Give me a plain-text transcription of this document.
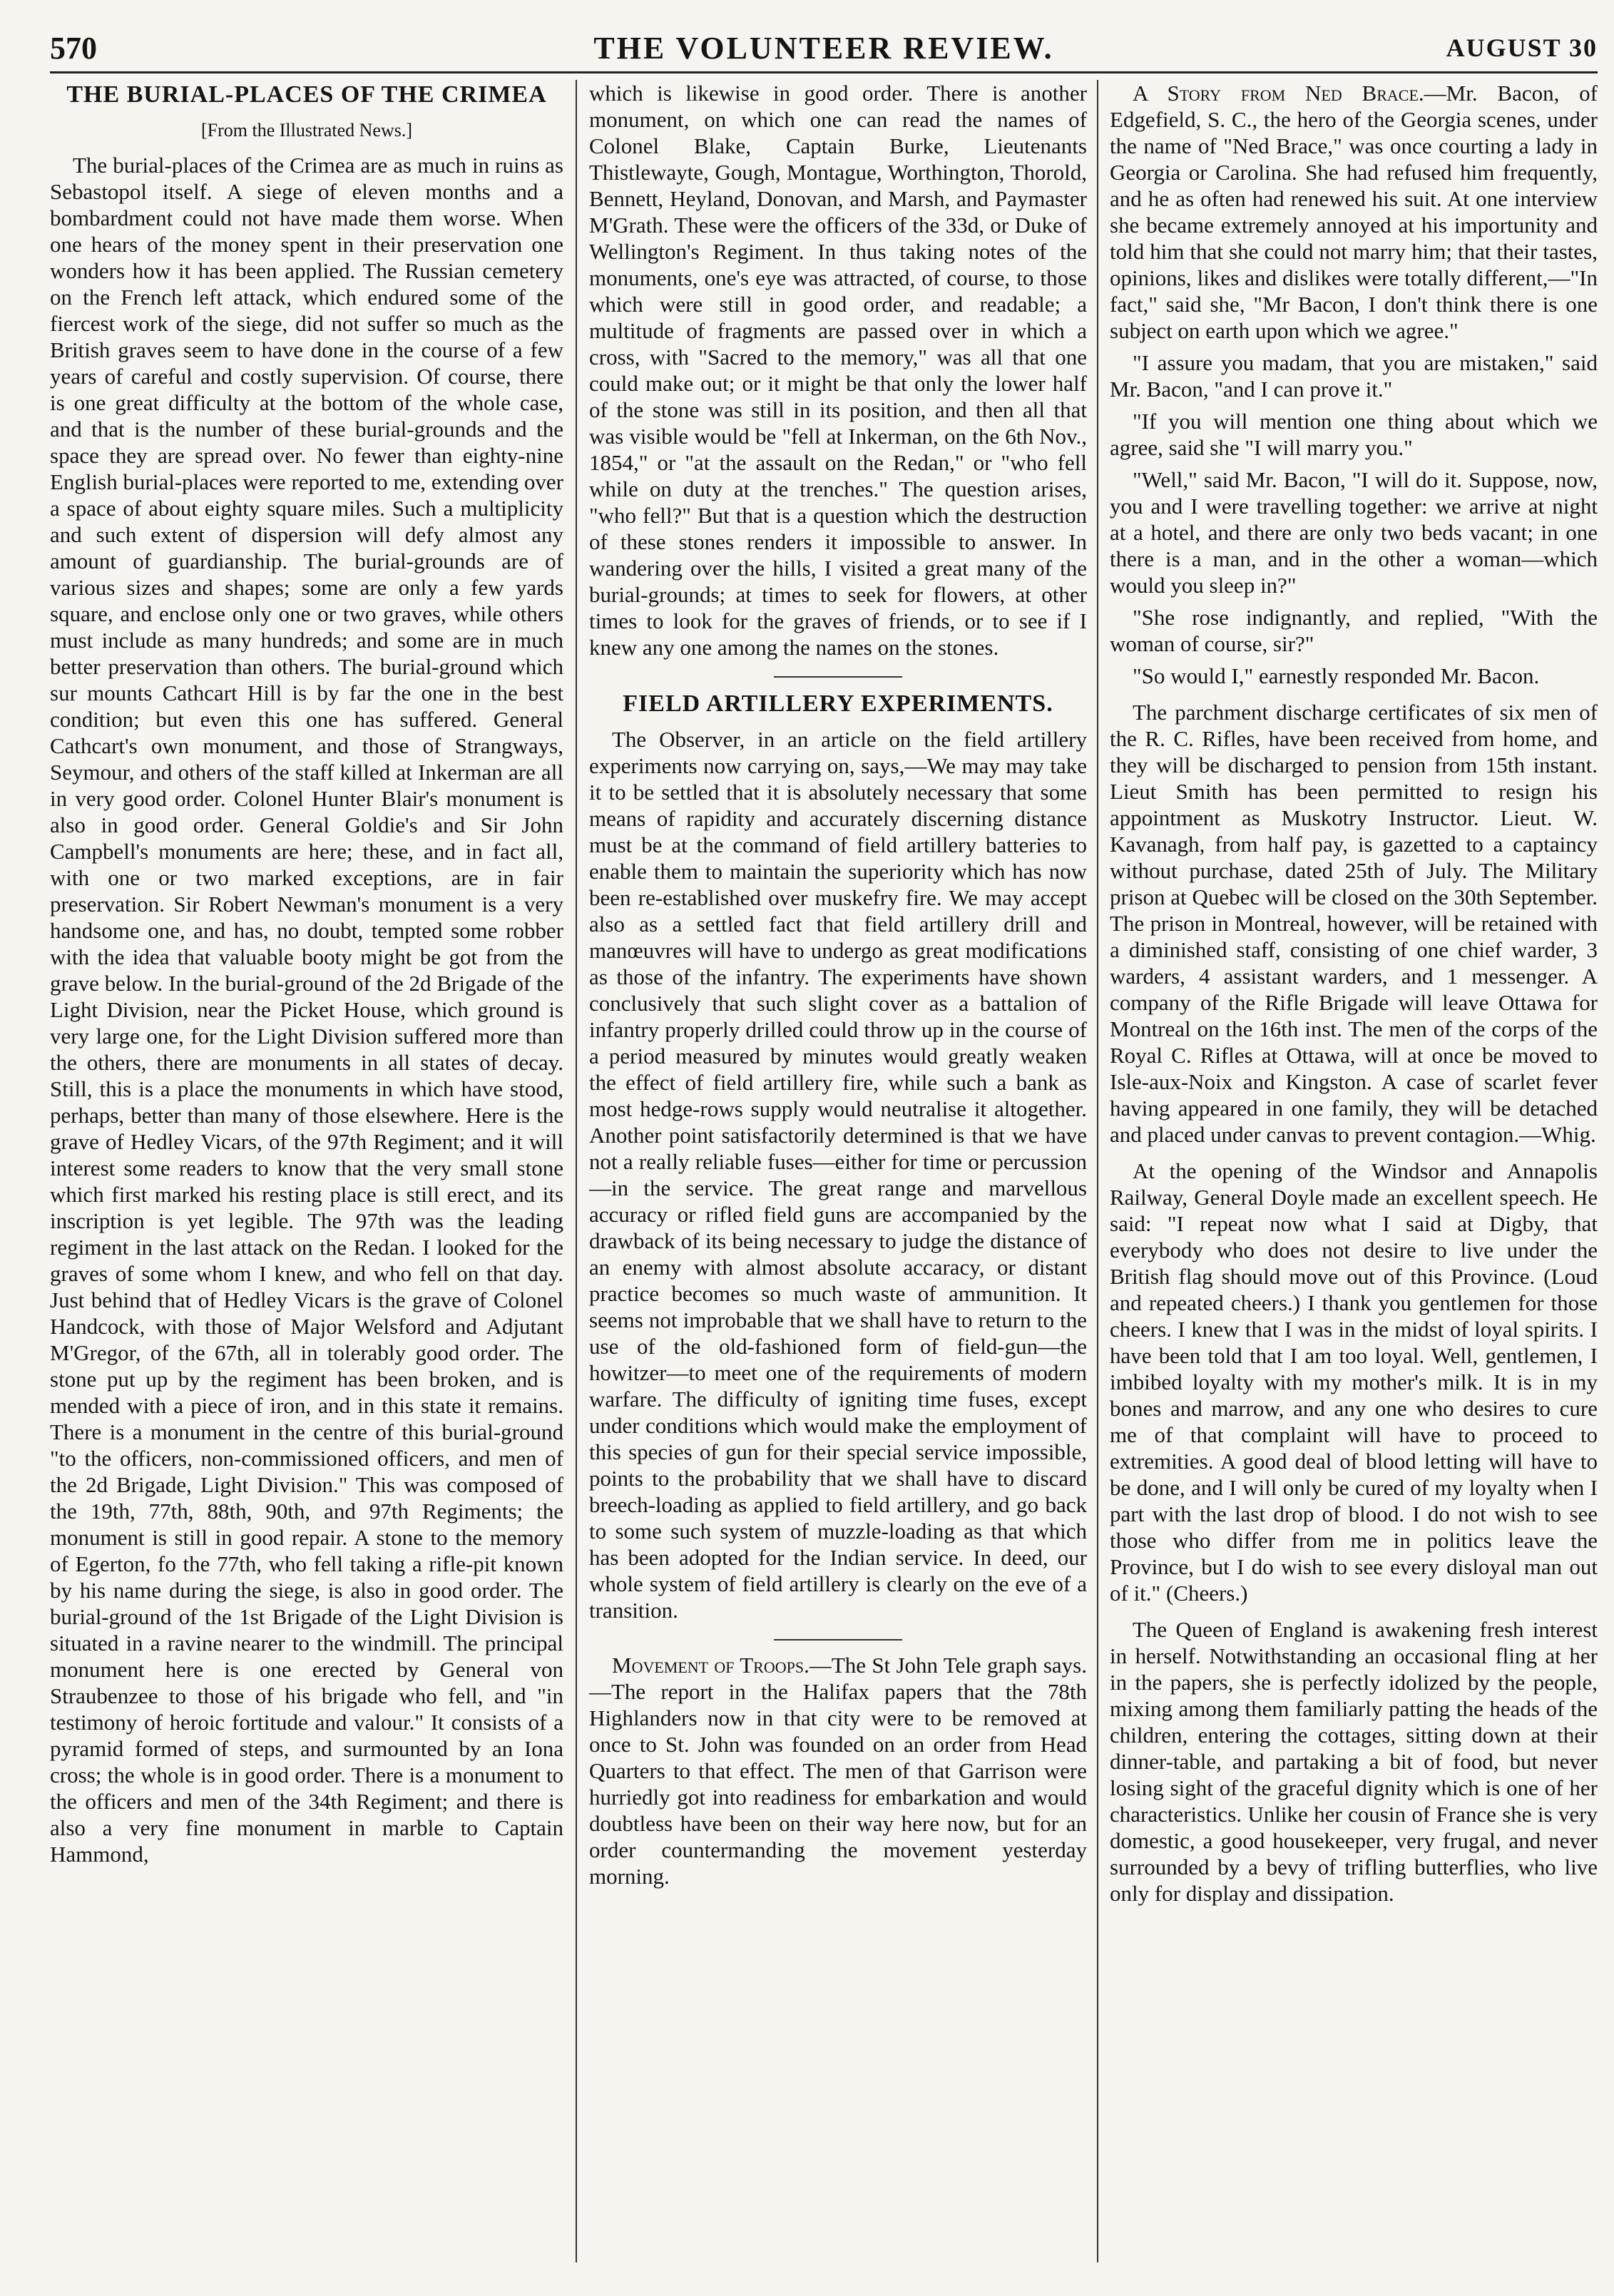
570	THE VOLUNTEER REVIEW.	AUGUST 30
THE BURIAL-PLACES OF THE CRIMEA
[From the Illustrated News.]

The burial-places of the Crimea are as much in ruins as Sebastopol itself. A siege of eleven months and a bombardment could not have made them worse. When one hears of the money spent in their preservation one wonders how it has been applied. The Russian cemetery on the French left attack, which endured some of the fiercest work of the siege, did not suffer so much as the British graves seem to have done in the course of a few years of careful and costly supervision. Of course, there is one great difficulty at the bottom of the whole case, and that is the number of these burial-grounds and the space they are spread over. No fewer than eighty-nine English burial-places were reported to me, extending over a space of about eighty square miles. Such a multiplicity and such extent of dispersion will defy almost any amount of guardianship. The burial-grounds are of various sizes and shapes; some are only a few yards square, and enclose only one or two graves, while others must include as many hundreds; and some are in much better preservation than others. The burial-ground which sur mounts Cathcart Hill is by far the one in the best condition; but even this one has suffered. General Cathcart's own monument, and those of Strangways, Seymour, and others of the staff killed at Inkerman are all in very good order. Colonel Hunter Blair's monument is also in good order. General Goldie's and Sir John Campbell's monuments are here; these, and in fact all, with one or two marked exceptions, are in fair preservation. Sir Robert Newman's monument is a very handsome one, and has, no doubt, tempted some robber with the idea that valuable booty might be got from the grave below. In the burial-ground of the 2d Brigade of the Light Division, near the Picket House, which ground is very large one, for the Light Division suffered more than the others, there are monuments in all states of decay. Still, this is a place the monuments in which have stood, perhaps, better than many of those elsewhere. Here is the grave of Hedley Vicars, of the 97th Regiment; and it will interest some readers to know that the very small stone which first marked his resting place is still erect, and its inscription is yet legible. The 97th was the leading regiment in the last attack on the Redan. I looked for the graves of some whom I knew, and who fell on that day. Just behind that of Hedley Vicars is the grave of Colonel Handcock, with those of Major Welsford and Adjutant M'Gregor, of the 67th, all in tolerably good order. The stone put up by the regiment has been broken, and is mended with a piece of iron, and in this state it remains. There is a monument in the centre of this burial-ground "to the officers, non-commissioned officers, and men of the 2d Brigade, Light Division." This was composed of the 19th, 77th, 88th, 90th, and 97th Regiments; the monument is still in good repair. A stone to the memory of Egerton, fo the 77th, who fell taking a rifle-pit known by his name during the siege, is also in good order. The burial-ground of the 1st Brigade of the Light Division is situated in a ravine nearer to the windmill. The principal monument here is one erected by General von Straubenzee to those of his brigade who fell, and "in testimony of heroic fortitude and valour." It consists of a pyramid formed of steps, and surmounted by an Iona cross; the whole is in good order. There is a monument to the officers and men of the 34th Regiment; and there is also a very fine monument in marble to Captain Hammond,

which is likewise in good order. There is another monument, on which one can read the names of Colonel Blake, Captain Burke, Lieutenants Thistlewayte, Gough, Montague, Worthington, Thorold, Bennett, Heyland, Donovan, and Marsh, and Paymaster M'Grath. These were the officers of the 33d, or Duke of Wellington's Regiment. In thus taking notes of the monuments, one's eye was attracted, of course, to those which were still in good order, and readable; a multitude of fragments are passed over in which a cross, with "Sacred to the memory," was all that one could make out; or it might be that only the lower half of the stone was still in its position, and then all that was visible would be "fell at Inkerman, on the 6th Nov., 1854," or "at the assault on the Redan," or "who fell while on duty at the trenches." The question arises, "who fell?" But that is a question which the destruction of these stones renders it impossible to answer. In wandering over the hills, I visited a great many of the burial-grounds; at times to seek for flowers, at other times to look for the graves of friends, or to see if I knew any one among the names on the stones.

FIELD ARTILLERY EXPERIMENTS.

The Observer, in an article on the field artillery experiments now carrying on, says,—We may may take it to be settled that it is absolutely necessary that some means of rapidity and accurately discerning distance must be at the command of field artillery batteries to enable them to maintain the superiority which has now been re-established over muskefry fire. We may accept also as a settled fact that field artillery drill and manœuvres will have to undergo as great modifications as those of the infantry. The experiments have shown conclusively that such slight cover as a battalion of infantry properly drilled could throw up in the course of a period measured by minutes would greatly weaken the effect of field artillery fire, while such a bank as most hedge-rows supply would neutralise it altogether. Another point satisfactorily determined is that we have not a really reliable fuses—either for time or percussion—in the service. The great range and marvellous accuracy or rifled field guns are accompanied by the drawback of its being necessary to judge the distance of an enemy with almost absolute accaracy, or distant practice becomes so much waste of ammunition. It seems not improbable that we shall have to return to the use of the old-fashioned form of field-gun—the howitzer—to meet one of the requirements of modern warfare. The difficulty of igniting time fuses, except under conditions which would make the employment of this species of gun for their special service impossible, points to the probability that we shall have to discard breech-loading as applied to field artillery, and go back to some such system of muzzle-loading as that which has been adopted for the Indian service. In deed, our whole system of field artillery is clearly on the eve of a transition.

Movement of Troops.—The St John Tele graph says.—The report in the Halifax papers that the 78th Highlanders now in that city were to be removed at once to St. John was founded on an order from Head Quarters to that effect. The men of that Garrison were hurriedly got into readiness for embarkation and would doubtless have been on their way here now, but for an order countermanding the movement yesterday morning.

A Story from Ned Brace.—Mr. Bacon, of Edgefield, S. C., the hero of the Georgia scenes, under the name of "Ned Brace," was once courting a lady in Georgia or Carolina. She had refused him frequently, and he as often had renewed his suit. At one interview she became extremely annoyed at his importunity and told him that she could not marry him; that their tastes, opinions, likes and dislikes were totally different,—"In fact," said she, "Mr Bacon, I don't think there is one subject on earth upon which we agree."

"I assure you madam, that you are mistaken," said Mr. Bacon, "and I can prove it."

"If you will mention one thing about which we agree, said she "I will marry you."

"Well," said Mr. Bacon, "I will do it. Suppose, now, you and I were travelling together: we arrive at night at a hotel, and there are only two beds vacant; in one there is a man, and in the other a woman—which would you sleep in?"

"She rose indignantly, and replied, "With the woman of course, sir?"

"So would I," earnestly responded Mr. Bacon.

The parchment discharge certificates of six men of the R. C. Rifles, have been received from home, and they will be discharged to pension from 15th instant. Lieut Smith has been permitted to resign his appointment as Muskotry Instructor. Lieut. W. Kavanagh, from half pay, is gazetted to a captaincy without purchase, dated 25th of July. The Military prison at Quebec will be closed on the 30th September. The prison in Montreal, however, will be retained with a diminished staff, consisting of one chief warder, 3 warders, 4 assistant warders, and 1 messenger. A company of the Rifle Brigade will leave Ottawa for Montreal on the 16th inst. The men of the corps of the Royal C. Rifles at Ottawa, will at once be moved to Isle-aux-Noix and Kingston. A case of scarlet fever having appeared in one family, they will be detached and placed under canvas to prevent contagion.—Whig.

At the opening of the Windsor and Annapolis Railway, General Doyle made an excellent speech. He said: "I repeat now what I said at Digby, that everybody who does not desire to live under the British flag should move out of this Province. (Loud and repeated cheers.) I thank you gentlemen for those cheers. I knew that I was in the midst of loyal spirits. I have been told that I am too loyal. Well, gentlemen, I imbibed loyalty with my mother's milk. It is in my bones and marrow, and any one who desires to cure me of that complaint will have to proceed to extremities. A good deal of blood letting will have to be done, and I will only be cured of my loyalty when I part with the last drop of blood. I do not wish to see those who differ from me in politics leave the Province, but I do wish to see every disloyal man out of it." (Cheers.)

The Queen of England is awakening fresh interest in herself. Notwithstanding an occasional fling at her in the papers, she is perfectly idolized by the people, mixing among them familiarly patting the heads of the children, entering the cottages, sitting down at their dinner-table, and partaking a bit of food, but never losing sight of the graceful dignity which is one of her characteristics. Unlike her cousin of France she is very domestic, a good housekeeper, very frugal, and never surrounded by a bevy of trifling butterflies, who live only for display and dissipation.
